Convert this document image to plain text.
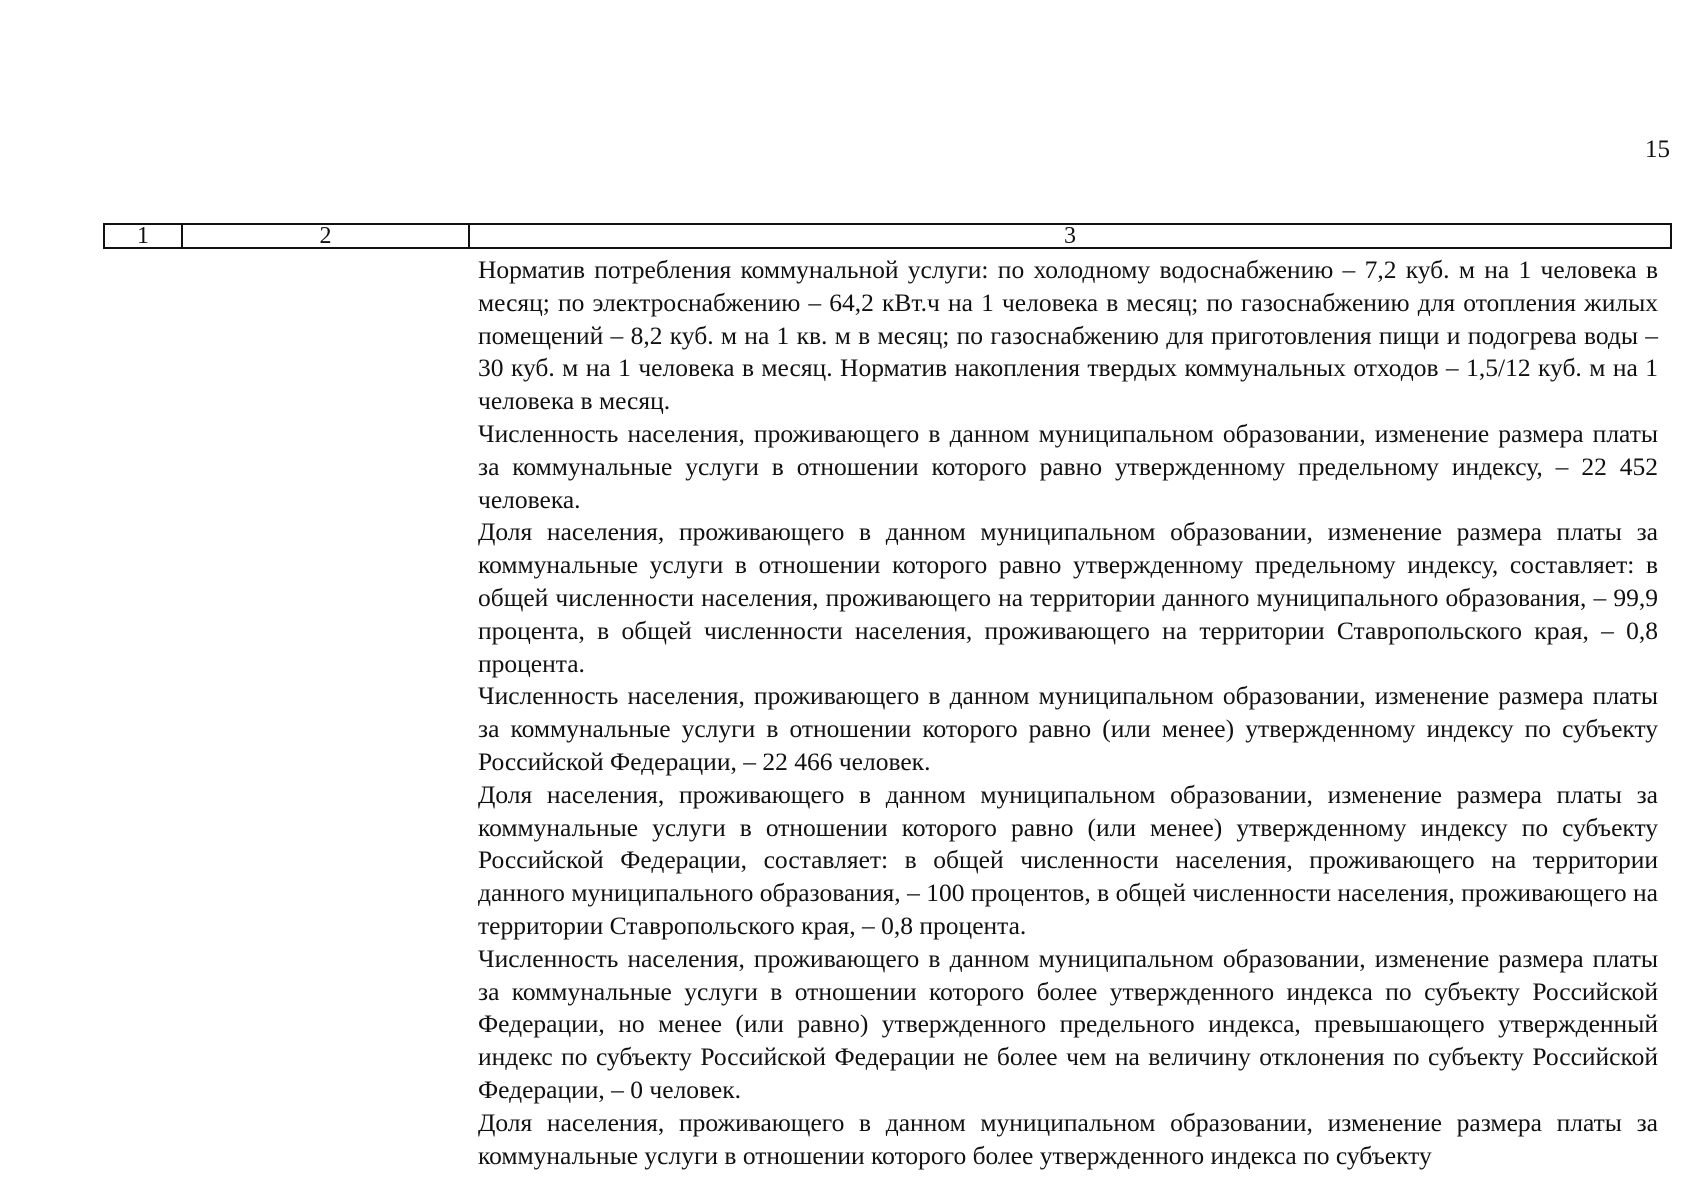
15
1	2	3

Норматив потребления коммунальной услуги: по холодному водоснабжению – 7,2 куб. м на 1 человека в месяц; по электроснабжению – 64,2 кВт.ч на 1 человека в месяц; по газоснабжению для отопления жилых помещений – 8,2 куб. м на 1 кв. м в месяц; по газоснабжению для приготовления пищи и подогрева воды – 30 куб. м на 1 человека в месяц. Норматив накопления твердых коммунальных отходов – 1,5/12 куб. м на 1 человека в месяц.

Численность населения, проживающего в данном муниципальном образовании, изменение размера платы за коммунальные услуги в отношении которого равно утвержденному предельному индексу, – 22 452 человека.

Доля населения, проживающего в данном муниципальном образовании, изменение размера платы за коммунальные услуги в отношении которого равно утвержденному предельному индексу, составляет: в общей численности населения, проживающего на территории данного муниципального образования, – 99,9 процента, в общей численности населения, проживающего на территории Ставропольского края, – 0,8 процента.

Численность населения, проживающего в данном муниципальном образовании, изменение размера платы за коммунальные услуги в отношении которого равно (или менее) утвержденному индексу по субъекту Российской Федерации, – 22 466 человек.

Доля населения, проживающего в данном муниципальном образовании, изменение размера платы за коммунальные услуги в отношении которого равно (или менее) утвержденному индексу по субъекту Российской Федерации, составляет: в общей численности населения, проживающего на территории данного муниципального образования, – 100 процентов, в общей численности населения, проживающего на территории Ставропольского края, – 0,8 процента.

Численность населения, проживающего в данном муниципальном образовании, изменение размера платы за коммунальные услуги в отношении которого более утвержденного индекса по субъекту Российской Федерации, но менее (или равно) утвержденного предельного индекса, превышающего утвержденный индекс по субъекту Российской Федерации не более чем на величину отклонения по субъекту Российской Федерации, – 0 человек.

Доля населения, проживающего в данном муниципальном образовании, изменение размера платы за коммунальные услуги в отношении которого более утвержденного индекса по субъекту
